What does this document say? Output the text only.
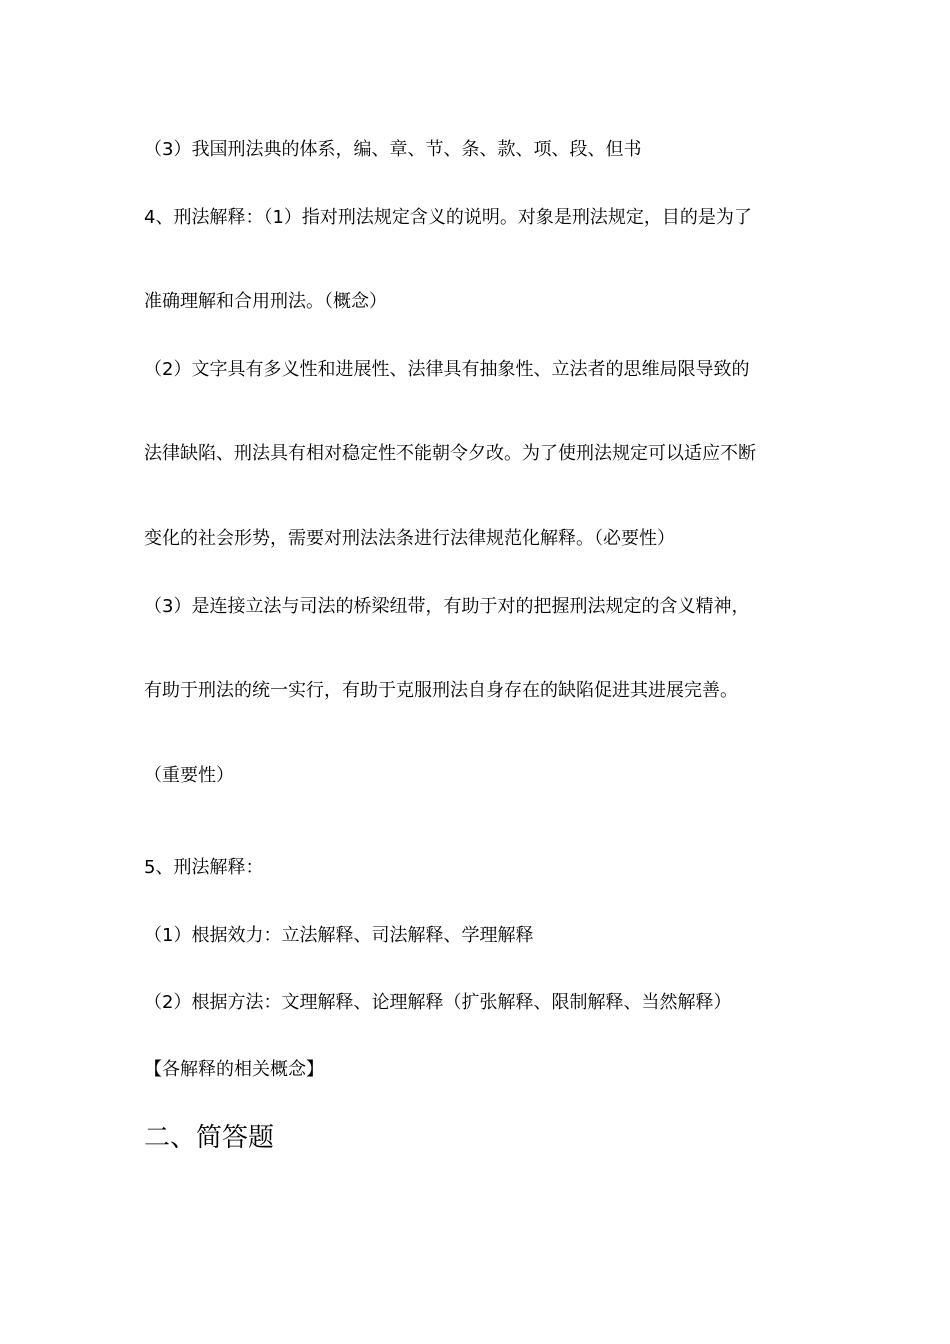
（3）我国刑法典的体系，编、章、节、条、款、项、段、但书
4、刑法解释：（1）指对刑法规定含义的说明。对象是刑法规定，目的是为了
准确理解和合用刑法。（概念）
（2）文字具有多义性和进展性、法律具有抽象性、立法者的思维局限导致的
法律缺陷、刑法具有相对稳定性不能朝令夕改。为了使刑法规定可以适应不断
变化的社会形势，需要对刑法法条进行法律规范化解释。（必要性）
（3）是连接立法与司法的桥梁纽带，有助于对的把握刑法规定的含义精神，
有助于刑法的统一实行，有助于克服刑法自身存在的缺陷促进其进展完善。
（重要性）
5、刑法解释：
（1）根据效力：立法解释、司法解释、学理解释
（2）根据方法：文理解释、论理解释（扩张解释、限制解释、当然解释）
【各解释的相关概念】
二、简答题
